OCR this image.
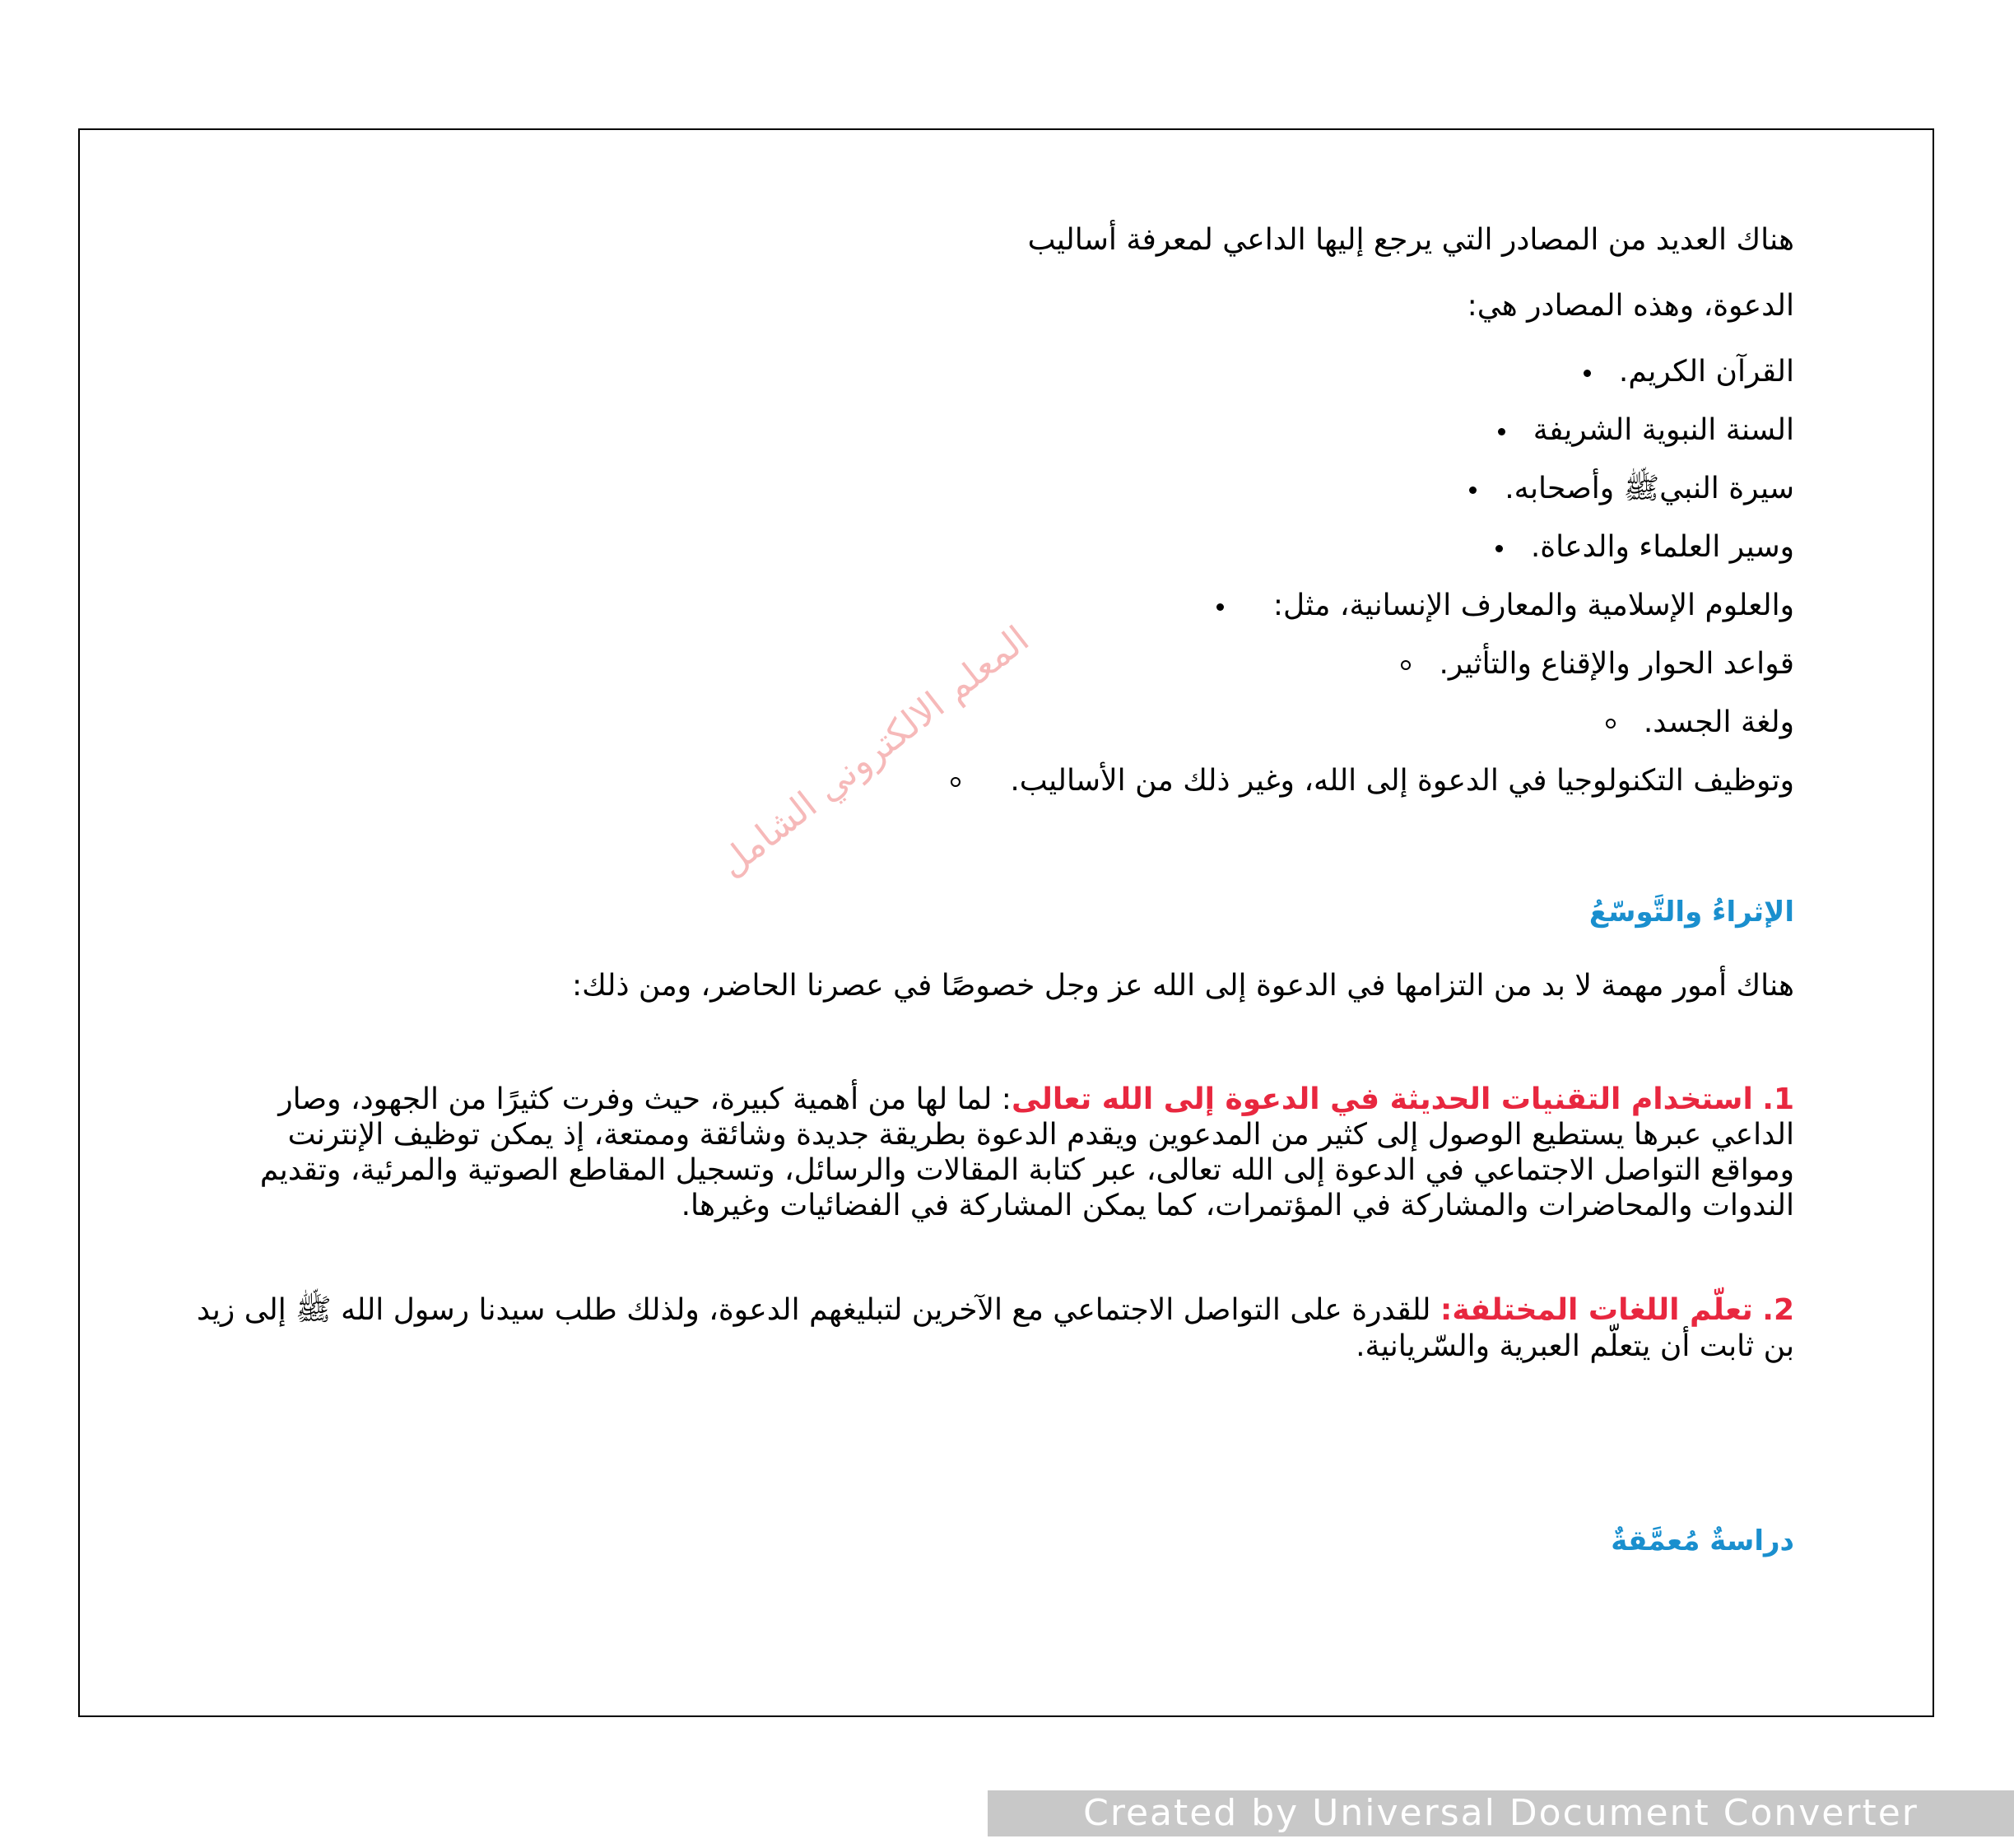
المعلم الالكتروني الشامل

هناك العديد من المصادر التي يرجع إليها الداعي لمعرفة أساليب

الدعوة، وهذه المصادر هي:

القرآن الكريم.
السنة النبوية الشريفة
سيرة النبيﷺ وأصحابه.
وسير العلماء والدعاة.
والعلوم الإسلامية والمعارف الإنسانية، مثل:
قواعد الحوار والإقناع والتأثير.
ولغة الجسد.
وتوظيف التكنولوجيا في الدعوة إلى الله، وغير ذلك من الأساليب.
الإثراءُ والتَّوسّعُ

هناك أمور مهمة لا بد من التزامها في الدعوة إلى الله عز وجل خصوصًا في عصرنا الحاضر، ومن ذلك:

1. استخدام التقنيات الحديثة في الدعوة إلى الله تعالى: لما لها من أهمية كبيرة، حيث وفرت كثيرًا من الجهود، وصار الداعي عبرها يستطيع الوصول إلى كثير من المدعوين ويقدم الدعوة بطريقة جديدة وشائقة وممتعة، إذ يمكن توظيف الإنترنت ومواقع التواصل الاجتماعي في الدعوة إلى الله تعالى، عبر كتابة المقالات والرسائل، وتسجيل المقاطع الصوتية والمرئية، وتقديم الندوات والمحاضرات والمشاركة في المؤتمرات، كما يمكن المشاركة في الفضائيات وغيرها.

2. تعلّم اللغات المختلفة: للقدرة على التواصل الاجتماعي مع الآخرين لتبليغهم الدعوة، ولذلك طلب سيدنا رسول الله ﷺ إلى زيد بن ثابت أن يتعلّم العبرية والسّريانية.

دراسةٌ مُعمَّقةٌ
Created by Universal Document Converter
